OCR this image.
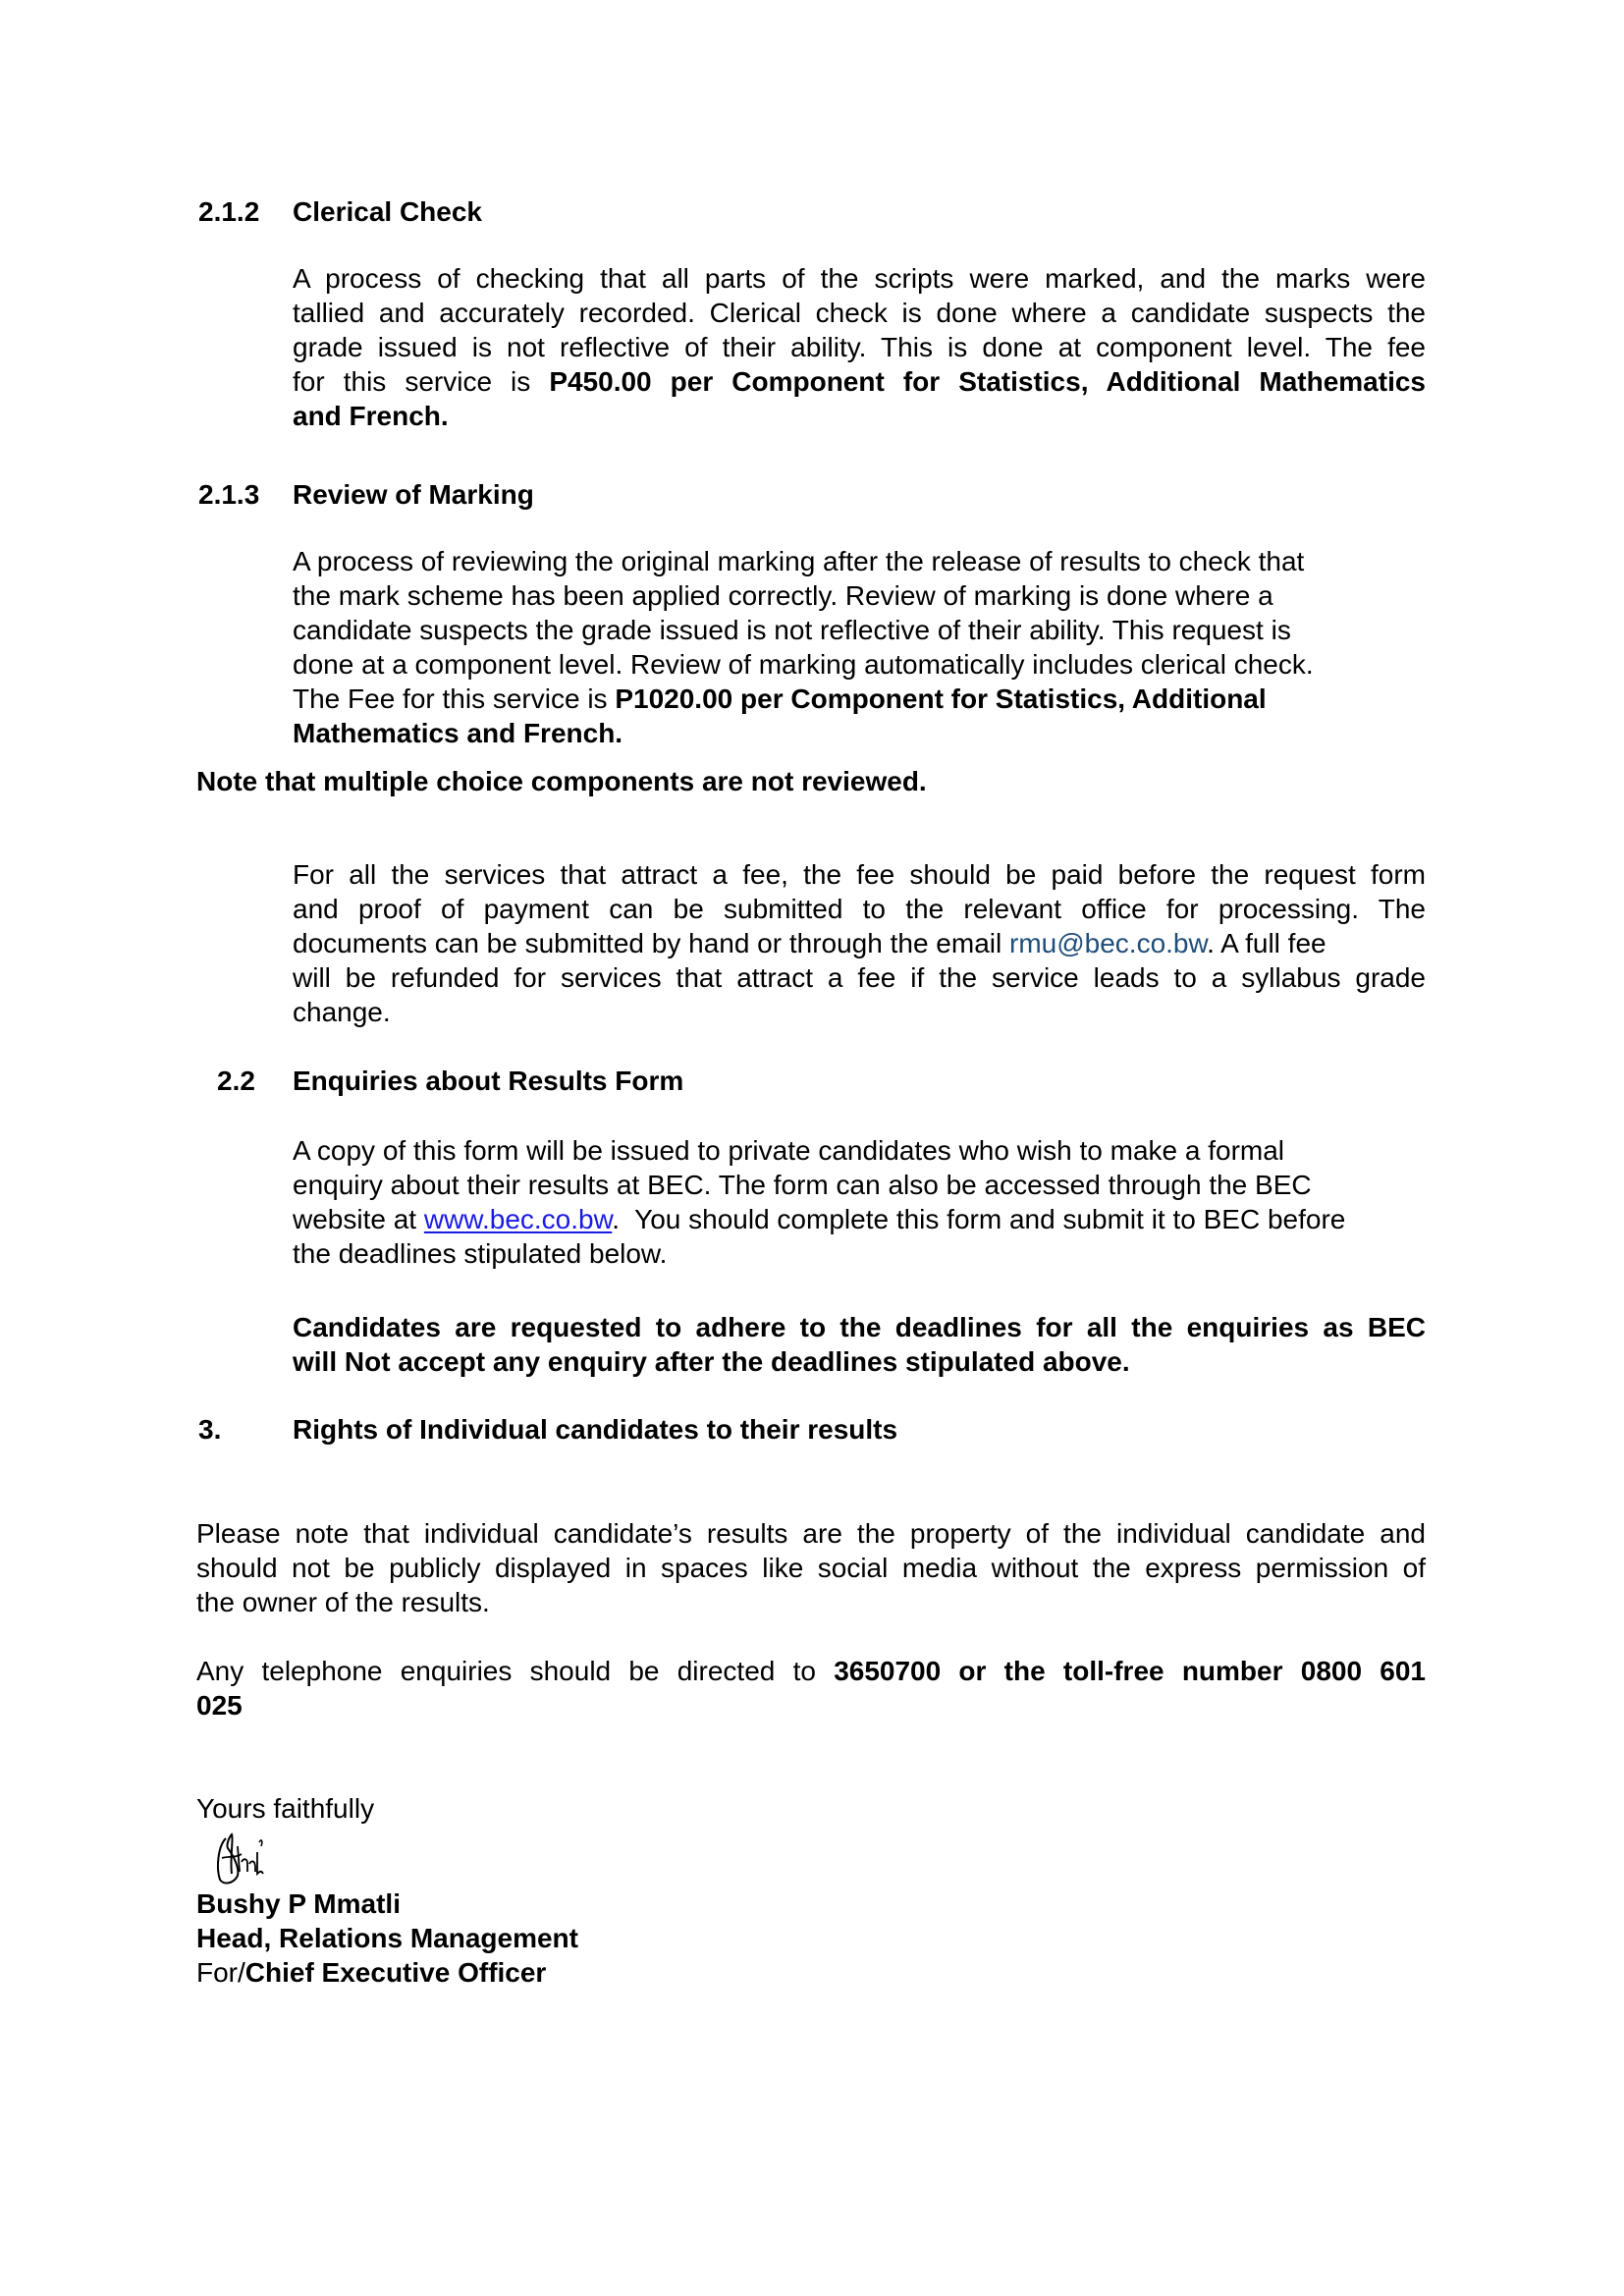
2.1.2 Clerical Check
A process of checking that all parts of the scripts were marked, and the marks were
tallied and accurately recorded. Clerical check is done where a candidate suspects the
grade issued is not reflective of their ability. This is done at component level. The fee
for this service is P450.00 per Component for Statistics, Additional Mathematics
and French.
2.1.3 Review of Marking
A process of reviewing the original marking after the release of results to check that
the mark scheme has been applied correctly. Review of marking is done where a
candidate suspects the grade issued is not reflective of their ability. This request is
done at a component level. Review of marking automatically includes clerical check.
The Fee for this service is P1020.00 per Component for Statistics, Additional
Mathematics and French.
Note that multiple choice components are not reviewed.
For all the services that attract a fee, the fee should be paid before the request form
and proof of payment can be submitted to the relevant office for processing. The
documents can be submitted by hand or through the email rmu@bec.co.bw. A full fee
will be refunded for services that attract a fee if the service leads to a syllabus grade
change.
2.2 Enquiries about Results Form
A copy of this form will be issued to private candidates who wish to make a formal
enquiry about their results at BEC. The form can also be accessed through the BEC
website at www.bec.co.bw.  You should complete this form and submit it to BEC before
the deadlines stipulated below.
Candidates are requested to adhere to the deadlines for all the enquiries as BEC
will Not accept any enquiry after the deadlines stipulated above.
3.	Rights of Individual candidates to their results
Please note that individual candidate’s results are the property of the individual candidate and
should not be publicly displayed in spaces like social media without the express permission of
the owner of the results.
Any telephone enquiries should be directed to 3650700 or the toll-free number 0800 601
025
Yours faithfully
Bushy P Mmatli
Head, Relations Management
For/Chief Executive Officer
